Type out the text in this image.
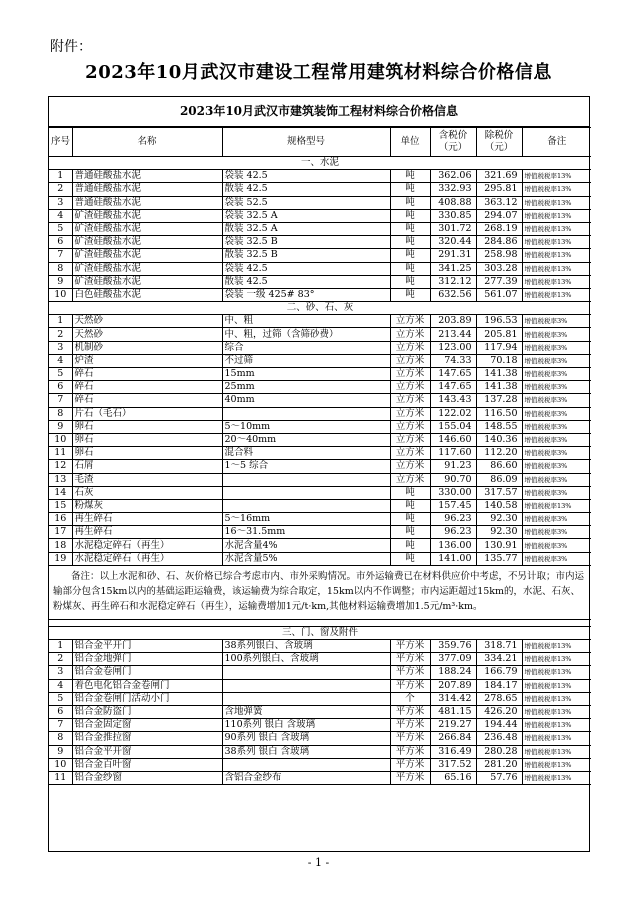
附件：
2023年10月武汉市建设工程常用建筑材料综合价格信息
2023年10月武汉市建筑装饰工程材料综合价格信息
序号	名称	规格型号	单位	含税价（元）	除税价（元）	备注
一、水泥						
1	普通硅酸盐水泥	袋装 42.5	吨	362.06	321.69	增值税税率13%
2	普通硅酸盐水泥	散装 42.5	吨	332.93	295.81	增值税税率13%
3	普通硅酸盐水泥	袋装 52.5	吨	408.88	363.12	增值税税率13%
4	矿渣硅酸盐水泥	袋装 32.5 A	吨	330.85	294.07	增值税税率13%
5	矿渣硅酸盐水泥	散装 32.5 A	吨	301.72	268.19	增值税税率13%
6	矿渣硅酸盐水泥	袋装 32.5 B	吨	320.44	284.86	增值税税率13%
7	矿渣硅酸盐水泥	散装 32.5 B	吨	291.31	258.98	增值税税率13%
8	矿渣硅酸盐水泥	袋装 42.5	吨	341.25	303.28	增值税税率13%
9	矿渣硅酸盐水泥	散装 42.5	吨	312.12	277.39	增值税税率13%
10	白色硅酸盐水泥	袋装 一级 425# 83°	吨	632.56	561.07	增值税税率13%
二、砂、石、灰						
1	天然砂	中、粗	立方米	203.89	196.53	增值税税率3%
2	天然砂	中、粗，过筛（含筛砂费）	立方米	213.44	205.81	增值税税率3%
3	机制砂	综合	立方米	123.00	117.94	增值税税率3%
4	炉渣	不过筛	立方米	74.33	70.18	增值税税率3%
5	碎石	15mm	立方米	147.65	141.38	增值税税率3%
6	碎石	25mm	立方米	147.65	141.38	增值税税率3%
7	碎石	40mm	立方米	143.43	137.28	增值税税率3%
8	片石（毛石）		立方米	122.02	116.50	增值税税率3%
9	卵石	5～10mm	立方米	155.04	148.55	增值税税率3%
10	卵石	20～40mm	立方米	146.60	140.36	增值税税率3%
11	卵石	混合料	立方米	117.60	112.20	增值税税率3%
12	石屑	1～5 综合	立方米	91.23	86.60	增值税税率3%
13	毛渣		立方米	90.70	86.09	增值税税率3%
14	石灰		吨	330.00	317.57	增值税税率3%
15	粉煤灰		吨	157.45	140.58	增值税税率13%
16	再生碎石	5～16mm	吨	96.23	92.30	增值税税率3%
17	再生碎石	16～31.5mm	吨	96.23	92.30	增值税税率3%
18	水泥稳定碎石（再生）	水泥含量4%	吨	136.00	130.91	增值税税率3%
19	水泥稳定碎石（再生）	水泥含量5%	吨	141.00	135.77	增值税税率3%
备注：以上水泥和砂、石、灰价格已综合考虑市内、市外采购情况。市外运输费已在材料供应价中考虑，不另计取；市内运输部分包含15km以内的基础运距运输费，该运输费为综合取定，15km以内不作调整；市内运距超过15km的，水泥、石灰、粉煤灰、再生碎石和水泥稳定碎石（再生），运输费增加1元/t·km,其他材料运输费增加1.5元/m³·km。						

三、门、窗及附件						
1	铝合金平开门	38系列银白、含玻璃	平方米	359.76	318.71	增值税税率13%
2	铝合金地弹门	100系列银白、含玻璃	平方米	377.09	334.21	增值税税率13%
3	铝合金卷闸门		平方米	188.24	166.79	增值税税率13%
4	着色电化铝合金卷闸门		平方米	207.89	184.17	增值税税率13%
5	铝合金卷闸门活动小门		个	314.42	278.65	增值税税率13%
6	铝合金防盗门	含地弹簧	平方米	481.15	426.20	增值税税率13%
7	铝合金固定窗	110系列 银白 含玻璃	平方米	219.27	194.44	增值税税率13%
8	铝合金推拉窗	90系列 银白 含玻璃	平方米	266.84	236.48	增值税税率13%
9	铝合金平开窗	38系列 银白 含玻璃	平方米	316.49	280.28	增值税税率13%
10	铝合金百叶窗		平方米	317.52	281.20	增值税税率13%
11	铝合金纱窗	含铝合金纱布	平方米	65.16	57.76	增值税税率13%
- 1 -
